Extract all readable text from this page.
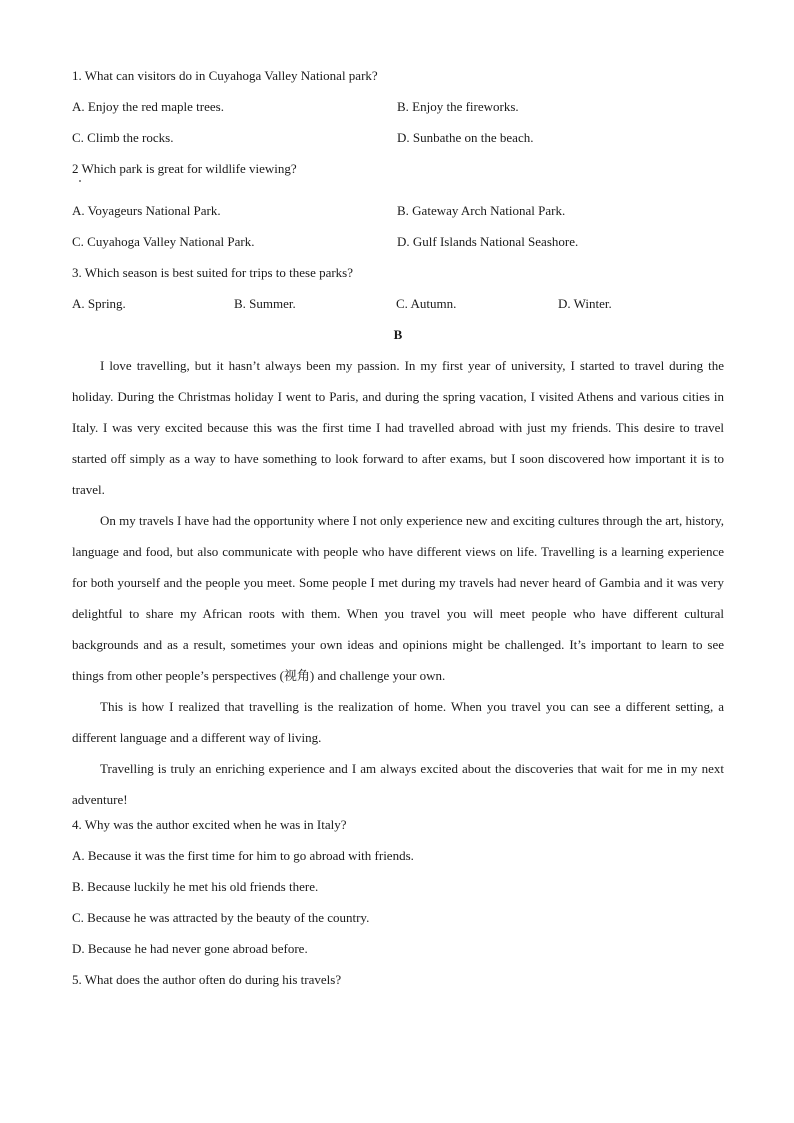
1. What can visitors do in Cuyahoga Valley National park?
A. Enjoy the red maple trees.	B. Enjoy the fireworks.
C. Climb the rocks.	D. Sunbathe on the beach.
2 Which park is great for wildlife viewing?
A. Voyageurs National Park.	B. Gateway Arch National Park.
C. Cuyahoga Valley National Park.	D. Gulf Islands National Seashore.
3. Which season is best suited for trips to these parks?
A. Spring.	B. Summer.	C. Autumn.	D. Winter.
B

I love travelling, but it hasn’t always been my passion. In my first year of university, I started to travel during the holiday. During the Christmas holiday I went to Paris, and during the spring vacation, I visited Athens and various cities in Italy. I was very excited because this was the first time I had travelled abroad with just my friends. This desire to travel started off simply as a way to have something to look forward to after exams, but I soon discovered how important it is to travel.

On my travels I have had the opportunity where I not only experience new and exciting cultures through the art, history, language and food, but also communicate with people who have different views on life. Travelling is a learning experience for both yourself and the people you meet. Some people I met during my travels had never heard of Gambia and it was very delightful to share my African roots with them. When you travel you will meet people who have different cultural backgrounds and as a result, sometimes your own ideas and opinions might be challenged. It’s important to learn to see things from other people’s perspectives (视角) and challenge your own.

This is how I realized that travelling is the realization of home. When you travel you can see a different setting, a different language and a different way of living.

Travelling is truly an enriching experience and I am always excited about the discoveries that wait for me in my next adventure!

4. Why was the author excited when he was in Italy?
A. Because it was the first time for him to go abroad with friends.
B. Because luckily he met his old friends there.
C. Because he was attracted by the beauty of the country.
D. Because he had never gone abroad before.
5. What does the author often do during his travels?
